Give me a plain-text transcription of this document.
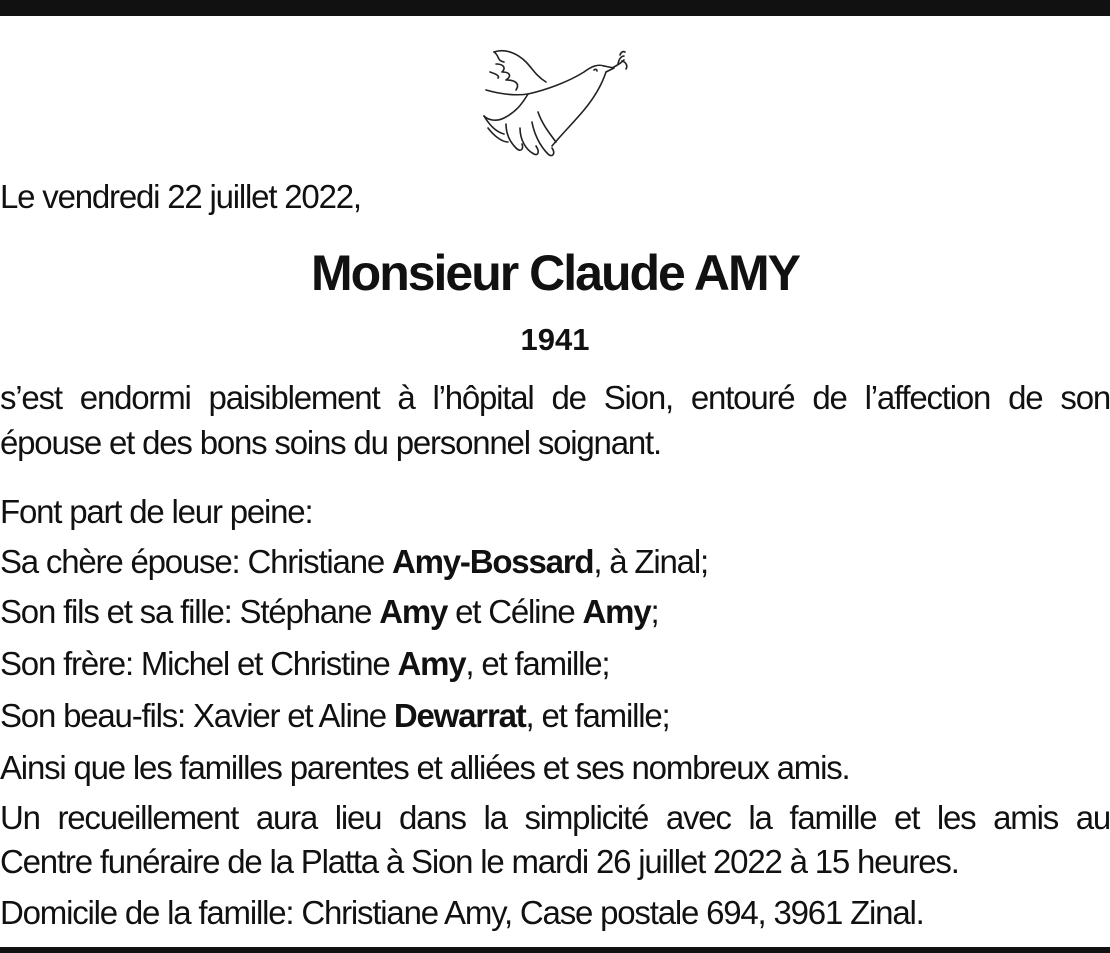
Le vendredi 22 juillet 2022,
Monsieur Claude AMY
1941
s’est endormi paisiblement à l’hôpital de Sion, entouré de l’affection de son
épouse et des bons soins du personnel soignant.
Font part de leur peine:
Sa chère épouse: Christiane Amy-Bossard, à Zinal;
Son fils et sa fille: Stéphane Amy et Céline Amy;
Son frère: Michel et Christine Amy, et famille;
Son beau-fils: Xavier et Aline Dewarrat, et famille;
Ainsi que les familles parentes et alliées et ses nombreux amis.
Un recueillement aura lieu dans la simplicité avec la famille et les amis au
Centre funéraire de la Platta à Sion le mardi 26 juillet 2022 à 15 heures.
Domicile de la famille: Christiane Amy, Case postale 694, 3961 Zinal.
